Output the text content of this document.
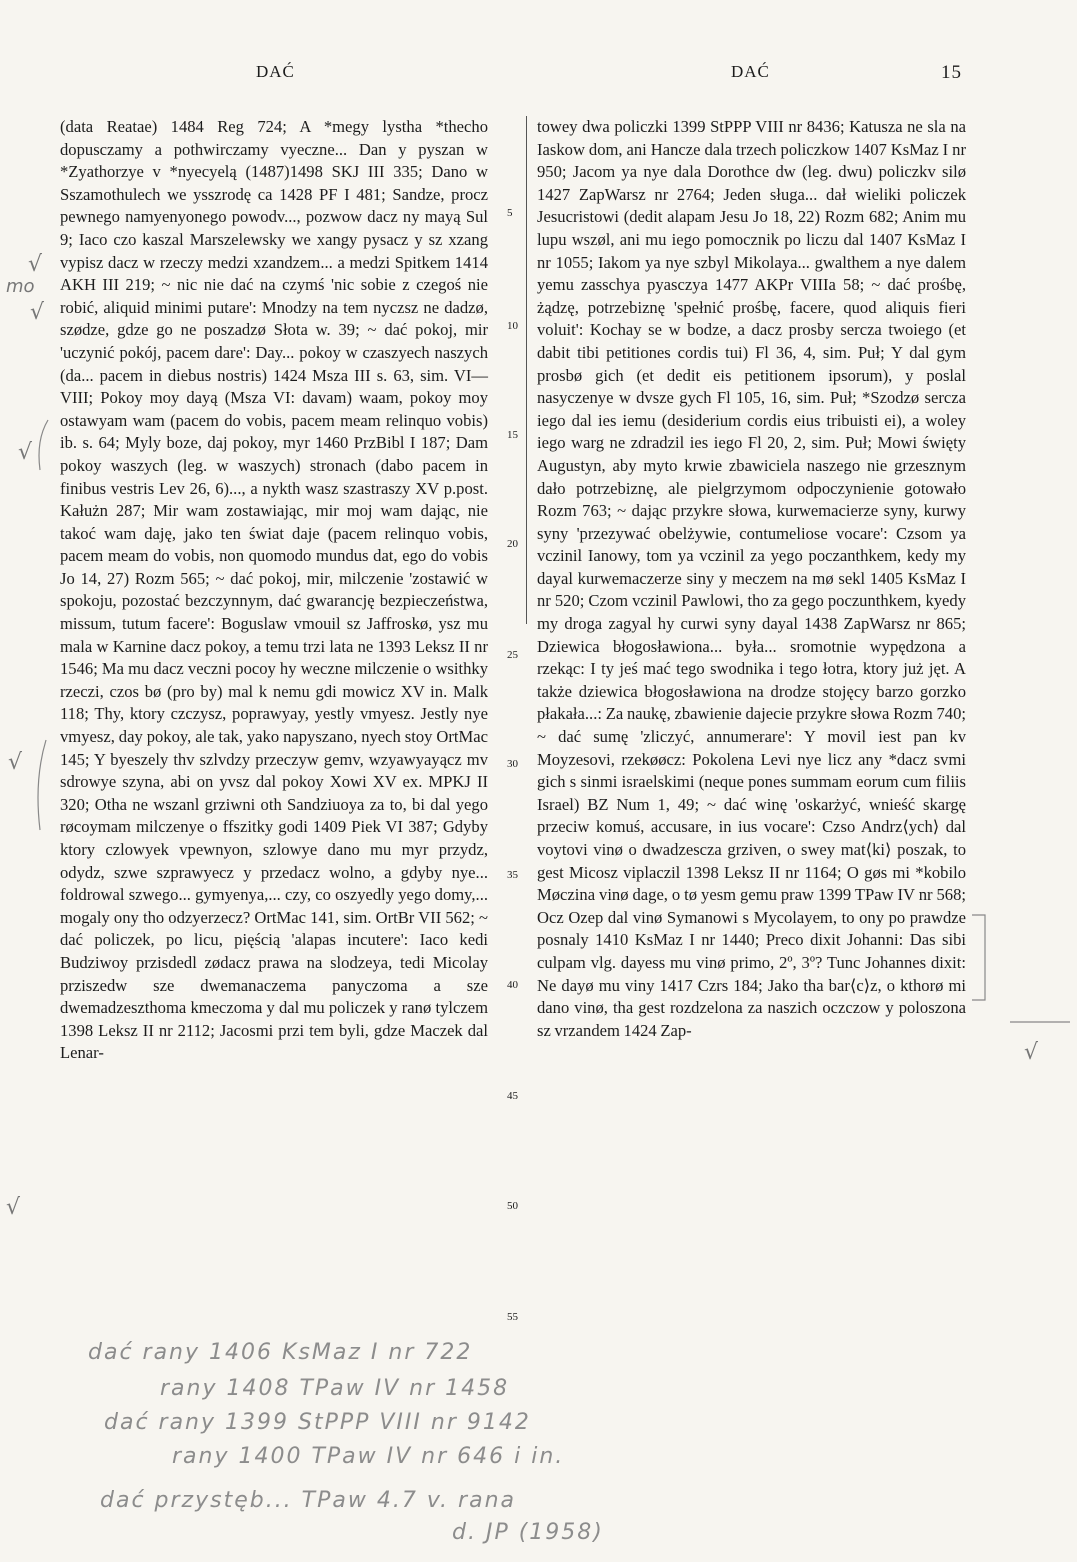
DAĆ	DAĆ	15

(data Reatae) 1484 Reg 724; A *megy lystha *thecho dopusczamy a pothwirczamy vyeczne... Dan y pyszan w *Zyathorzye v *nyecyelą (1487)1498 SKJ III 335; Dano w Sszamothulech we ysszrodę ca 1428 PF I 481; Sandze, procz pewnego namyenyonego powodv..., pozwow dacz ny mayą Sul 9; Iaco czo kaszal Marszelewsky we xangy pysacz y sz xzang vypisz dacz w rzeczy medzi xzandzem... a medzi Spitkem 1414 AKH III 219; ~ nic nie dać na czymś 'nic sobie z czegoś nie robić, aliquid minimi putare': Mnodzy na tem nyczsz ne dadzø, szødze, gdze go ne poszadzø Słota w. 39; ~ dać pokoj, mir 'uczynić pokój, pacem dare': Day... pokoy w czaszyech naszych (da... pacem in diebus nostris) 1424 Msza III s. 63, sim. VI—VIII; Pokoy moy dayą (Msza VI: davam) waam, pokoy moy ostawyam wam (pacem do vobis, pacem meam relinquo vobis) ib. s. 64; Myly boze, daj pokoy, myr 1460 PrzBibl I 187; Dam pokoy waszych (leg. w waszych) stronach (dabo pacem in finibus vestris Lev 26, 6)..., a nykth wasz szastraszy XV p.post. Kałużn 287; Mir wam zostawiając, mir moj wam dając, nie takoć wam daję, jako ten świat daje (pacem relinquo vobis, pacem meam do vobis, non quomodo mundus dat, ego do vobis Jo 14, 27) Rozm 565; ~ dać pokoj, mir, milczenie 'zostawić w spokoju, pozostać bezczynnym, dać gwarancję bezpieczeństwa, missum, tutum facere': Boguslaw vmouil sz Jaffroskø, ysz mu mala w Karnine dacz pokoy, a temu trzi lata ne 1393 Leksz II nr 1546; Ma mu dacz veczni pocoy hy weczne milczenie o wsithky rzeczi, czos bø (pro by) mal k nemu gdi mowicz XV in. Malk 118; Thy, ktory czczysz, poprawyay, yestly vmyesz. Jestly nye vmyesz, day pokoy, ale tak, yako napyszano, nyech stoy OrtMac 145; Y byeszely thv szlvdzy przeczyw gemv, wzyawyayącz mv sdrowye szyna, abi on yvsz dal pokoy Xowi XV ex. MPKJ II 320; Otha ne wszanl grziwni oth Sandziuoya za to, bi dal yego røcoymam milczenye o ffszitky godi 1409 Piek VI 387; Gdyby ktory czlowyek vpewnyon, szlowye dano mu myr przydz, odydz, szwe szprawyecz y przedacz wolno, a gdyby nye... foldrowal szwego... gymyenya,... czy, co oszyedly yego domy,... mogaly ony tho odzyerzecz? OrtMac 141, sim. OrtBr VII 562; ~ dać policzek, po licu, pięścią 'alapas incutere': Iaco kedi Budziwoy przisdedl zødacz prawa na slodzeya, tedi Micolay prziszedw sze dwemanaczema panyczoma a sze dwemadzeszthoma kmeczoma y dal mu policzek y ranø tylczem 1398 Leksz II nr 2112; Jacosmi przi tem byli, gdze Maczek dal Lenar-

5
10
15
20
25
30
35
40
45
50
55

towey dwa policzki 1399 StPPP VIII nr 8436; Katusza ne sla na Iaskow dom, ani Hancze dala trzech policzkow 1407 KsMaz I nr 950; Jacom ya nye dala Dorothce dw (leg. dwu) policzkv silø 1427 ZapWarsz nr 2764; Jeden sługa... dał wieliki policzek Jesucristowi (dedit alapam Jesu Jo 18, 22) Rozm 682; Anim mu lupu wszøl, ani mu iego pomocznik po liczu dal 1407 KsMaz I nr 1055; Iakom ya nye szbyl Mikolaya... gwalthem a nye dalem yemu zasschya pyasczya 1477 AKPr VIIIa 58; ~ dać prośbę, żądzę, potrzebiznę 'spełnić prośbę, facere, quod aliquis fieri voluit': Kochay se w bodze, a dacz prosby sercza twoiego (et dabit tibi petitiones cordis tui) Fl 36, 4, sim. Puł; Y dal gym prosbø gich (et dedit eis petitionem ipsorum), y poslal nasyczenye w dvsze gych Fl 105, 16, sim. Puł; *Szodzø sercza iego dal ies iemu (desiderium cordis eius tribuisti ei), a woley iego warg ne zdradzil ies iego Fl 20, 2, sim. Puł; Mowi święty Augustyn, aby myto krwie zbawiciela naszego nie grzesznym dało potrzebiznę, ale pielgrzymom odpoczynienie gotowało Rozm 763; ~ dając przykre słowa, kurwemacierze syny, kurwy syny 'przezywać obelżywie, contumeliose vocare': Czsom ya vczinil Ianowy, tom ya vczinil za yego poczanthkem, kedy my dayal kurwemaczerze siny y meczem na mø sekl 1405 KsMaz I nr 520; Czom vczinil Pawlowi, tho za gego poczunthkem, kyedy my droga zagyal hy curwi syny dayal 1438 ZapWarsz nr 865; Dziewica błogosławiona... była... sromotnie wypędzona a rzekąc: I ty jeś mać tego swodnika i tego łotra, ktory już jęt. A także dziewica błogosławiona na drodze stojęcy barzo gorzko płakała...: Za naukę, zbawienie dajecie przykre słowa Rozm 740; ~ dać sumę 'zliczyć, annumerare': Y movil iest pan kv Moyzesovi, rzekøøcz: Pokolena Levi nye licz any *dacz svmi gich s sinmi israelskimi (neque pones summam eorum cum filiis Israel) BZ Num 1, 49; ~ dać winę 'oskarżyć, wnieść skargę przeciw komuś, accusare, in ius vocare': Czso Andrz⟨ych⟩ dal voytovi vinø o dwadzescza grziven, o swey mat⟨ki⟩ poszak, to gest Micosz viplaczil 1398 Leksz II nr 1164; O gøs mi *kobilo Møczina vinø dage, o tø yesm gemu praw 1399 TPaw IV nr 568; Ocz Ozep dal vinø Symanowi s Mycolayem, to ony po prawdze posnaly 1410 KsMaz I nr 1440; Preco dixit Johanni: Das sibi culpam vlg. dayess mu vinø primo, 2º, 3º? Tunc Johannes dixit: Ne dayø mu viny 1417 Czrs 184; Jako tha bar⟨c⟩z, o kthorø mi dano vinø, tha gest rozdzelona za naszich oczczow y poloszona sz vrzandem 1424 Zap-

√
mo
√
√
√
√
√
dać rany 1406 KsMaz I nr 722
rany 1408 TPaw IV nr 1458
dać rany 1399 StPPP VIII nr 9142
rany 1400 TPaw IV nr 646 i in.
dać przystęb... TPaw 4.7 v. rana
d. JP (1958)
